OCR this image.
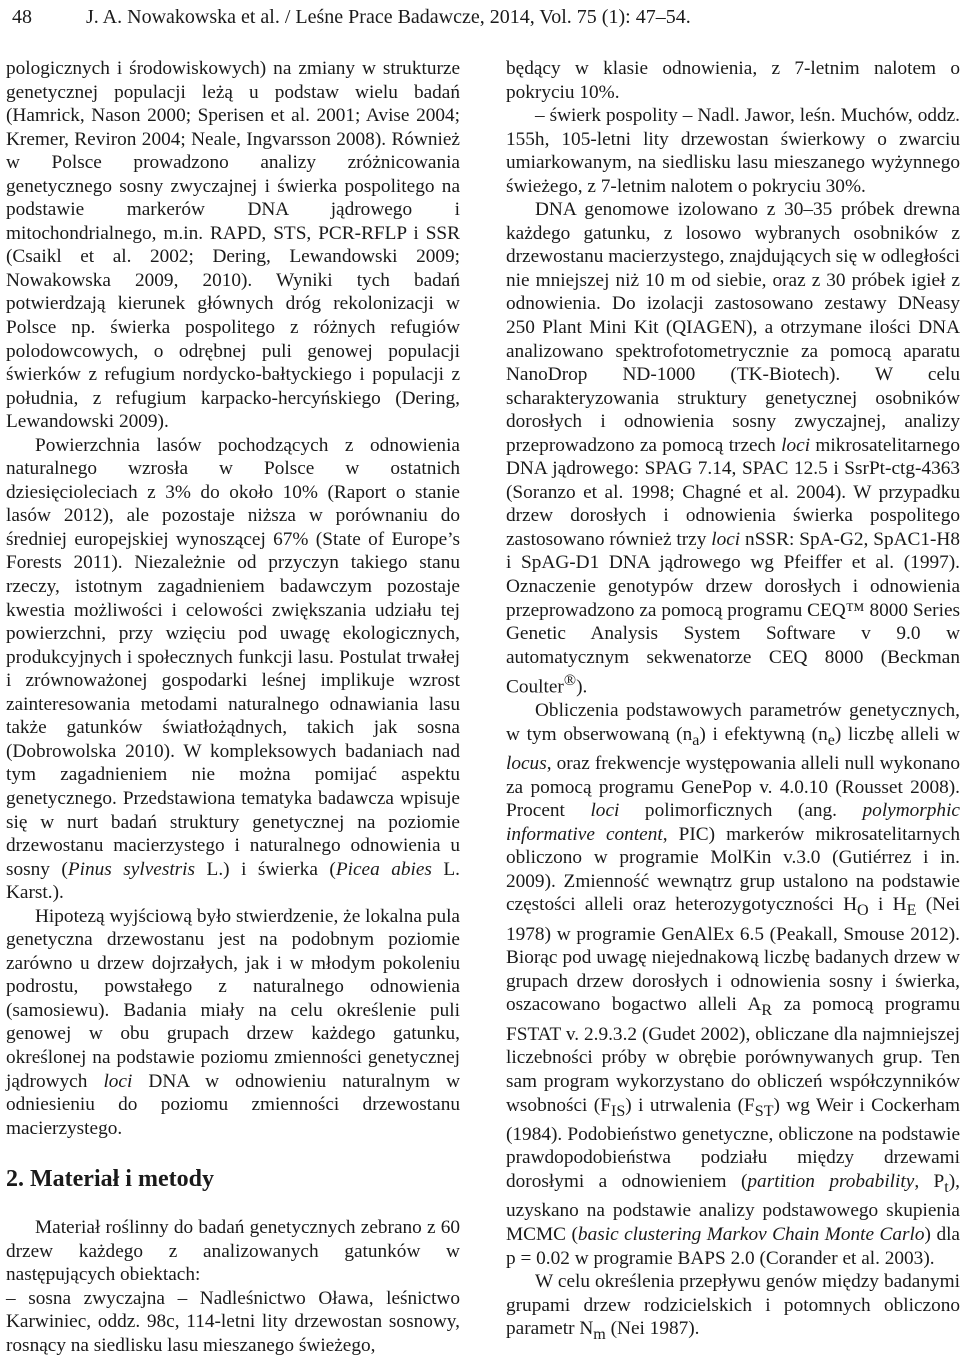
48	J. A. Nowakowska et al. / Leśne Prace Badawcze, 2014, Vol. 75 (1): 47–54.

pologicznych i środowiskowych) na zmiany w strukturze genetycznej populacji leżą u podstaw wielu badań (Hamrick, Nason 2000; Sperisen et al. 2001; Avise 2004; Kremer, Reviron 2004; Neale, Ingvarsson 2008). Również w Polsce prowadzono analizy zróżnicowania genetycznego sosny zwyczajnej i świerka pospolitego na podstawie markerów DNA jądrowego i mitochondrialnego, m.in. RAPD, STS, PCR-RFLP i SSR (Csaikl et al. 2002; Dering, Lewandowski 2009; Nowakowska 2009, 2010). Wyniki tych badań potwierdzają kierunek głównych dróg rekolonizacji w Polsce np. świerka pospolitego z różnych refugiów polodowcowych, o odrębnej puli genowej populacji świerków z refugium nordycko-bałtyckiego i populacji z południa, z refugium karpacko-hercyńskiego (Dering, Lewandowski 2009).

Powierzchnia lasów pochodzących z odnowienia naturalnego wzrosła w Polsce w ostatnich dziesięcioleciach z 3% do około 10% (Raport o stanie lasów 2012), ale pozostaje niższa w porównaniu do średniej europejskiej wynoszącej 67% (State of Europe’s Forests 2011). Niezależnie od przyczyn takiego stanu rzeczy, istotnym zagadnieniem badawczym pozostaje kwestia możliwości i celowości zwiększania udziału tej powierzchni, przy wzięciu pod uwagę ekologicznych, produkcyjnych i społecznych funkcji lasu. Postulat trwałej i zrównoważonej gospodarki leśnej implikuje wzrost zainteresowania metodami naturalnego odnawiania lasu także gatunków światłożądnych, takich jak sosna (Dobrowolska 2010). W kompleksowych badaniach nad tym zagadnieniem nie można pomijać aspektu genetycznego. Przedstawiona tematyka badawcza wpisuje się w nurt badań struktury genetycznej na poziomie drzewostanu macierzystego i naturalnego odnowienia u sosny (Pinus sylvestris L.) i świerka (Picea abies L. Karst.).

Hipotezą wyjściową było stwierdzenie, że lokalna pula genetyczna drzewostanu jest na podobnym poziomie zarówno u drzew dojrzałych, jak i w młodym pokoleniu podrostu, powstałego z naturalnego odnowienia (samosiewu). Badania miały na celu określenie puli genowej w obu grupach drzew każdego gatunku, określonej na podstawie poziomu zmienności genetycznej jądrowych loci DNA w odnowieniu naturalnym w odniesieniu do poziomu zmienności drzewostanu macierzystego.

2. Materiał i metody

Materiał roślinny do badań genetycznych zebrano z 60 drzew każdego z analizowanych gatunków w następujących obiektach:

– sosna zwyczajna – Nadleśnictwo Oława, leśnictwo Karwiniec, oddz. 98c, 114-letni lity drzewostan sosnowy, rosnący na siedlisku lasu mieszanego świeżego,

będący w klasie odnowienia, z 7-letnim nalotem o pokryciu 10%.

– świerk pospolity – Nadl. Jawor, leśn. Muchów, oddz. 155h, 105-letni lity drzewostan świerkowy o zwarciu umiarkowanym, na siedlisku lasu mieszanego wyżynnego świeżego, z 7-letnim nalotem o pokryciu 30%.

DNA genomowe izolowano z 30–35 próbek drewna każdego gatunku, z losowo wybranych osobników z drzewostanu macierzystego, znajdujących się w odległości nie mniejszej niż 10 m od siebie, oraz z 30 próbek igieł z odnowienia. Do izolacji zastosowano zestawy DNeasy 250 Plant Mini Kit (QIAGEN), a otrzymane ilości DNA analizowano spektrofotometrycznie za pomocą aparatu NanoDrop ND-1000 (TK-Biotech). W celu scharakteryzowania struktury genetycznej osobników dorosłych i odnowienia sosny zwyczajnej, analizy przeprowadzono za pomocą trzech loci mikrosatelitarnego DNA jądrowego: SPAG 7.14, SPAC 12.5 i SsrPt-ctg-4363 (Soranzo et al. 1998; Chagné et al. 2004). W przypadku drzew dorosłych i odnowienia świerka pospolitego zastosowano również trzy loci nSSR: SpA-G2, SpAC1-H8 i SpAG-D1 DNA jądrowego wg Pfeiffer et al. (1997). Oznaczenie genotypów drzew dorosłych i odnowienia przeprowadzono za pomocą programu CEQ™ 8000 Series Genetic Analysis System Software v 9.0 w automatycznym sekwenatorze CEQ 8000 (Beckman Coulter®).

Obliczenia podstawowych parametrów genetycznych, w tym obserwowaną $(n_a)$ i efektywną $(n_e)$ liczbę alleli w locus, oraz frekwencje występowania alleli null wykonano za pomocą programu GenePop v. 4.0.10 (Rousset 2008). Procent loci polimorficznych (ang. polymorphic informative content, PIC) markerów mikrosatelitarnych obliczono w programie MolKin v.3.0 (Gutiérrez i in. 2009). Zmienność wewnątrz grup ustalono na podstawie częstości alleli oraz heterozygotyczności $H_O$ i $H_E$ (Nei 1978) w programie GenAlEx 6.5 (Peakall, Smouse 2012). Biorąc pod uwagę niejednakową liczbę badanych drzew w grupach drzew dorosłych i odnowienia sosny i świerka, oszacowano bogactwo alleli $A_R$ za pomocą programu FSTAT v. 2.9.3.2 (Gudet 2002), obliczane dla najmniejszej liczebności próby w obrębie porównywanych grup. Ten sam program wykorzystano do obliczeń współczynników wsobności $(F_{IS})$ i utrwalenia $(F_{ST})$ wg Weir i Cockerham (1984). Podobieństwo genetyczne, obliczone na podstawie prawdopodobieństwa podziału między drzewami dorosłymi a odnowieniem (partition probability, $P_t$), uzyskano na podstawie analizy podstawowego skupienia MCMC (basic clustering Markov Chain Monte Carlo) dla p = 0.02 w programie BAPS 2.0 (Corander et al. 2003).

W celu określenia przepływu genów między badanymi grupami drzew rodzicielskich i potomnych obliczono parametr $N_m$ (Nei 1987).
